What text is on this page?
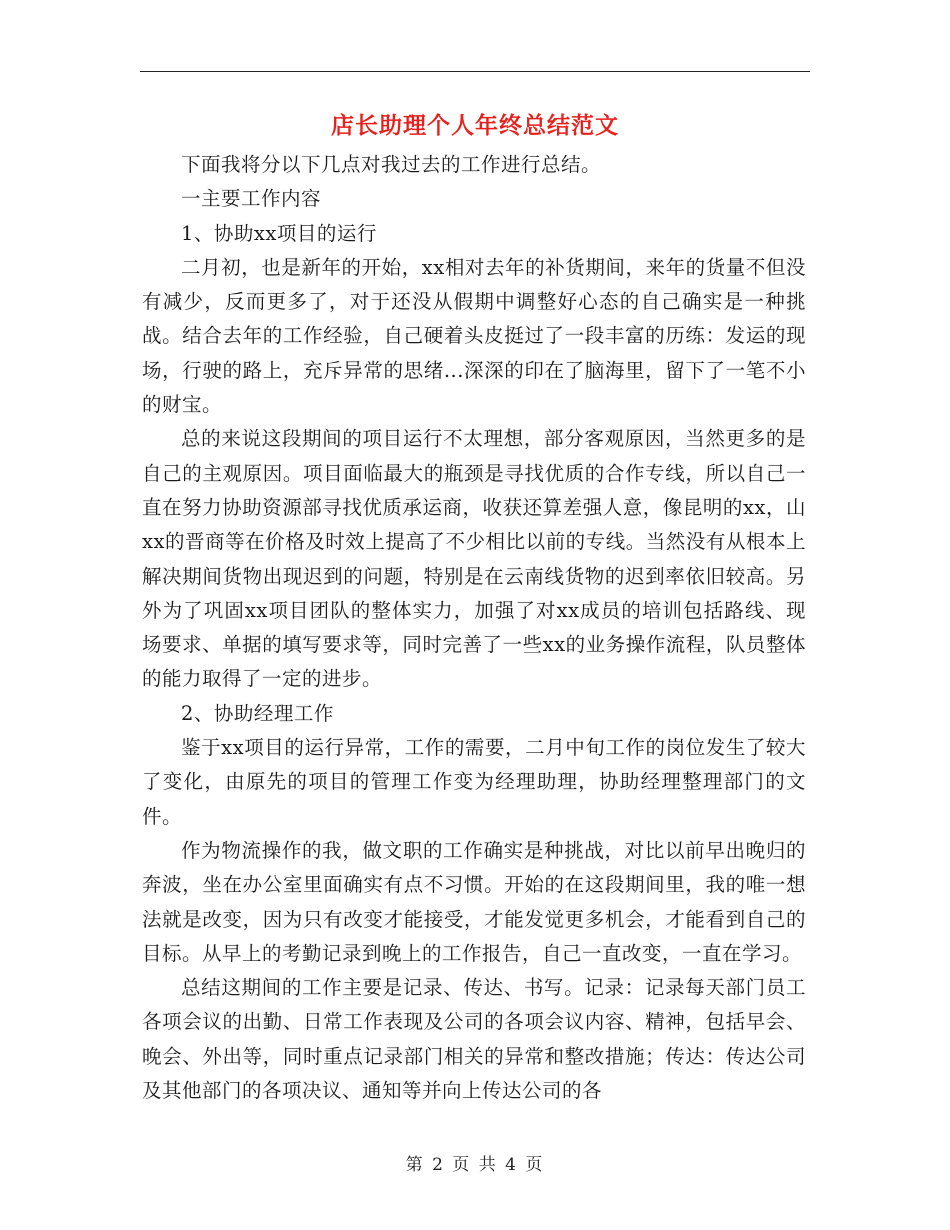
店长助理个人年终总结范文

下面我将分以下几点对我过去的工作进行总结。

一主要工作内容

1、协助xx项目的运行

二月初，也是新年的开始，xx相对去年的补货期间，来年的货量不但没有减少，反而更多了，对于还没从假期中调整好心态的自己确实是一种挑战。结合去年的工作经验，自己硬着头皮挺过了一段丰富的历练：发运的现场，行驶的路上，充斥异常的思绪...深深的印在了脑海里，留下了一笔不小的财宝。

总的来说这段期间的项目运行不太理想，部分客观原因，当然更多的是自己的主观原因。项目面临最大的瓶颈是寻找优质的合作专线，所以自己一直在努力协助资源部寻找优质承运商，收获还算差强人意，像昆明的xx，山xx的晋商等在价格及时效上提高了不少相比以前的专线。当然没有从根本上解决期间货物出现迟到的问题，特别是在云南线货物的迟到率依旧较高。另外为了巩固xx项目团队的整体实力，加强了对xx成员的培训包括路线、现场要求、单据的填写要求等，同时完善了一些xx的业务操作流程，队员整体的能力取得了一定的进步。

2、协助经理工作

鉴于xx项目的运行异常，工作的需要，二月中旬工作的岗位发生了较大了变化，由原先的项目的管理工作变为经理助理，协助经理整理部门的文件。

作为物流操作的我，做文职的工作确实是种挑战，对比以前早出晚归的奔波，坐在办公室里面确实有点不习惯。开始的在这段期间里，我的唯一想法就是改变，因为只有改变才能接受，才能发觉更多机会，才能看到自己的目标。从早上的考勤记录到晚上的工作报告，自己一直改变，一直在学习。

总结这期间的工作主要是记录、传达、书写。记录：记录每天部门员工各项会议的出勤、日常工作表现及公司的各项会议内容、精神，包括早会、晚会、外出等，同时重点记录部门相关的异常和整改措施；传达：传达公司及其他部门的各项决议、通知等并向上传达公司的各

第 2 页 共 4 页
